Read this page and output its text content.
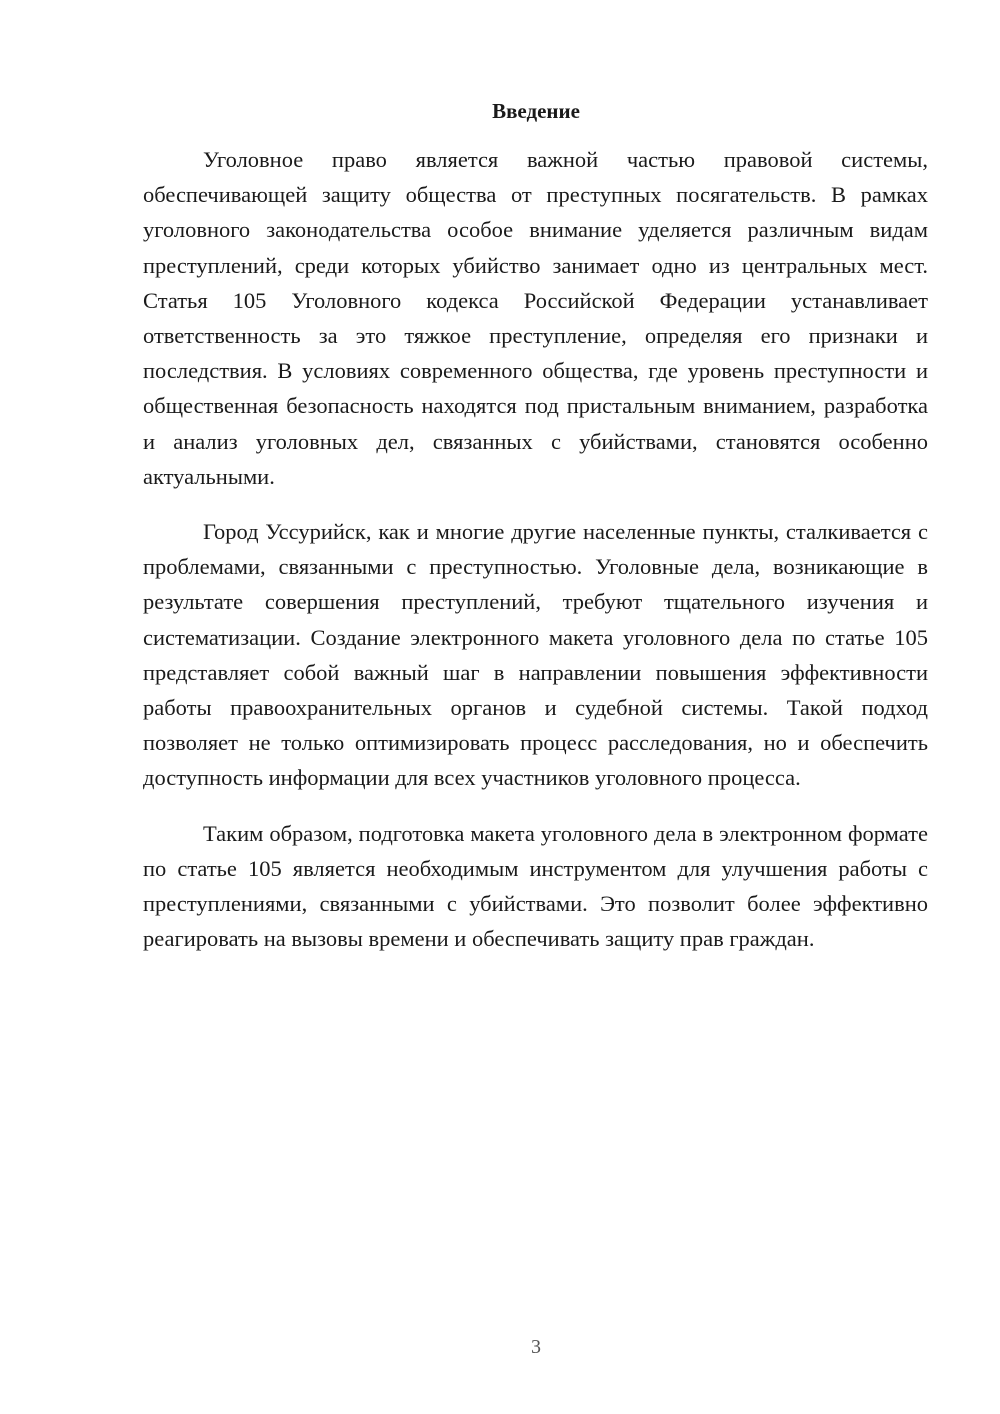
Введение

Уголовное право является важной частью правовой системы, обеспечивающей защиту общества от преступных посягательств. В рамках уголовного законодательства особое внимание уделяется различным видам преступлений, среди которых убийство занимает одно из центральных мест. Статья 105 Уголовного кодекса Российской Федерации устанавливает ответственность за это тяжкое преступление, определяя его признаки и последствия. В условиях современного общества, где уровень преступности и общественная безопасность находятся под пристальным вниманием, разработка и анализ уголовных дел, связанных с убийствами, становятся особенно актуальными.

Город Уссурийск, как и многие другие населенные пункты, сталкивается с проблемами, связанными с преступностью. Уголовные дела, возникающие в результате совершения преступлений, требуют тщательного изучения и систематизации. Создание электронного макета уголовного дела по статье 105 представляет собой важный шаг в направлении повышения эффективности работы правоохранительных органов и судебной системы. Такой подход позволяет не только оптимизировать процесс расследования, но и обеспечить доступность информации для всех участников уголовного процесса.

Таким образом, подготовка макета уголовного дела в электронном формате по статье 105 является необходимым инструментом для улучшения работы с преступлениями, связанными с убийствами. Это позволит более эффективно реагировать на вызовы времени и обеспечивать защиту прав граждан.

3
